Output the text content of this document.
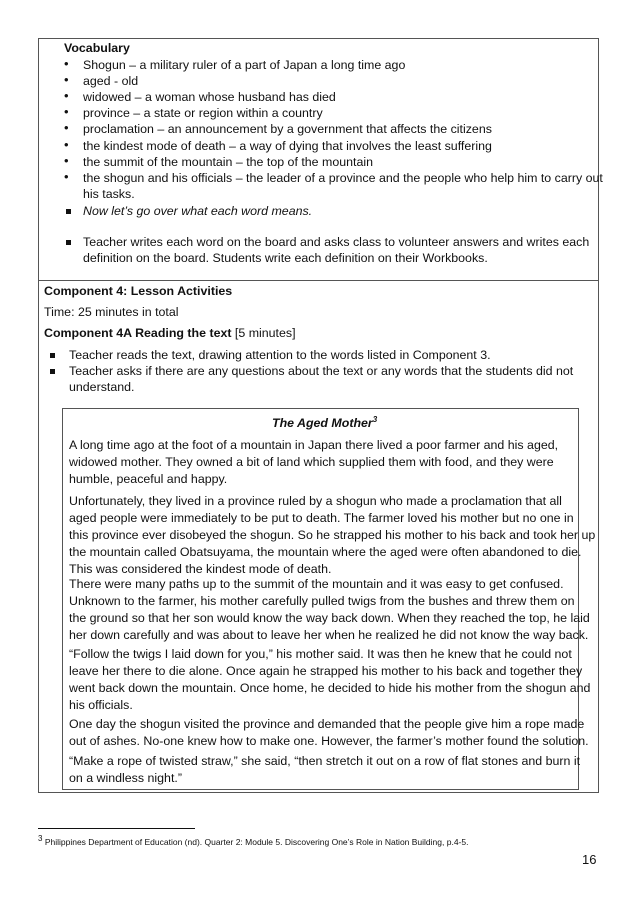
Vocabulary
• Shogun – a military ruler of a part of Japan a long time ago
• aged - old
• widowed – a woman whose husband has died
• province – a state or region within a country
• proclamation – an announcement by a government that affects the citizens
• the kindest mode of death – a way of dying that involves the least suffering
• the summit of the mountain – the top of the mountain
• the shogun and his officials – the leader of a province and the people who help him to carry out
his tasks.
Now let’s go over what each word means.
Teacher writes each word on the board and asks class to volunteer answers and writes each
definition on the board. Students write each definition on their Workbooks.
Component 4: Lesson Activities
Time: 25 minutes in total
Component 4A Reading the text [5 minutes]
Teacher reads the text, drawing attention to the words listed in Component 3.
Teacher asks if there are any questions about the text or any words that the students did not
understand.
The Aged Mother$^3$
A long time ago at the foot of a mountain in Japan there lived a poor farmer and his aged,
widowed mother. They owned a bit of land which supplied them with food, and they were
humble, peaceful and happy.
Unfortunately, they lived in a province ruled by a shogun who made a proclamation that all
aged people were immediately to be put to death. The farmer loved his mother but no one in
this province ever disobeyed the shogun. So he strapped his mother to his back and took her up
the mountain called Obatsuyama, the mountain where the aged were often abandoned to die.
This was considered the kindest mode of death.
There were many paths up to the summit of the mountain and it was easy to get confused.
Unknown to the farmer, his mother carefully pulled twigs from the bushes and threw them on
the ground so that her son would know the way back down. When they reached the top, he laid
her down carefully and was about to leave her when he realized he did not know the way back.
“Follow the twigs I laid down for you,” his mother said. It was then he knew that he could not
leave her there to die alone. Once again he strapped his mother to his back and together they
went back down the mountain. Once home, he decided to hide his mother from the shogun and
his officials.
One day the shogun visited the province and demanded that the people give him a rope made
out of ashes. No-one knew how to make one. However, the farmer’s mother found the solution.
“Make a rope of twisted straw,” she said, “then stretch it out on a row of flat stones and burn it
on a windless night.”
$^3$ Philippines Department of Education (nd). Quarter 2: Module 5. Discovering One’s Role in Nation Building, p.4-5.
16
